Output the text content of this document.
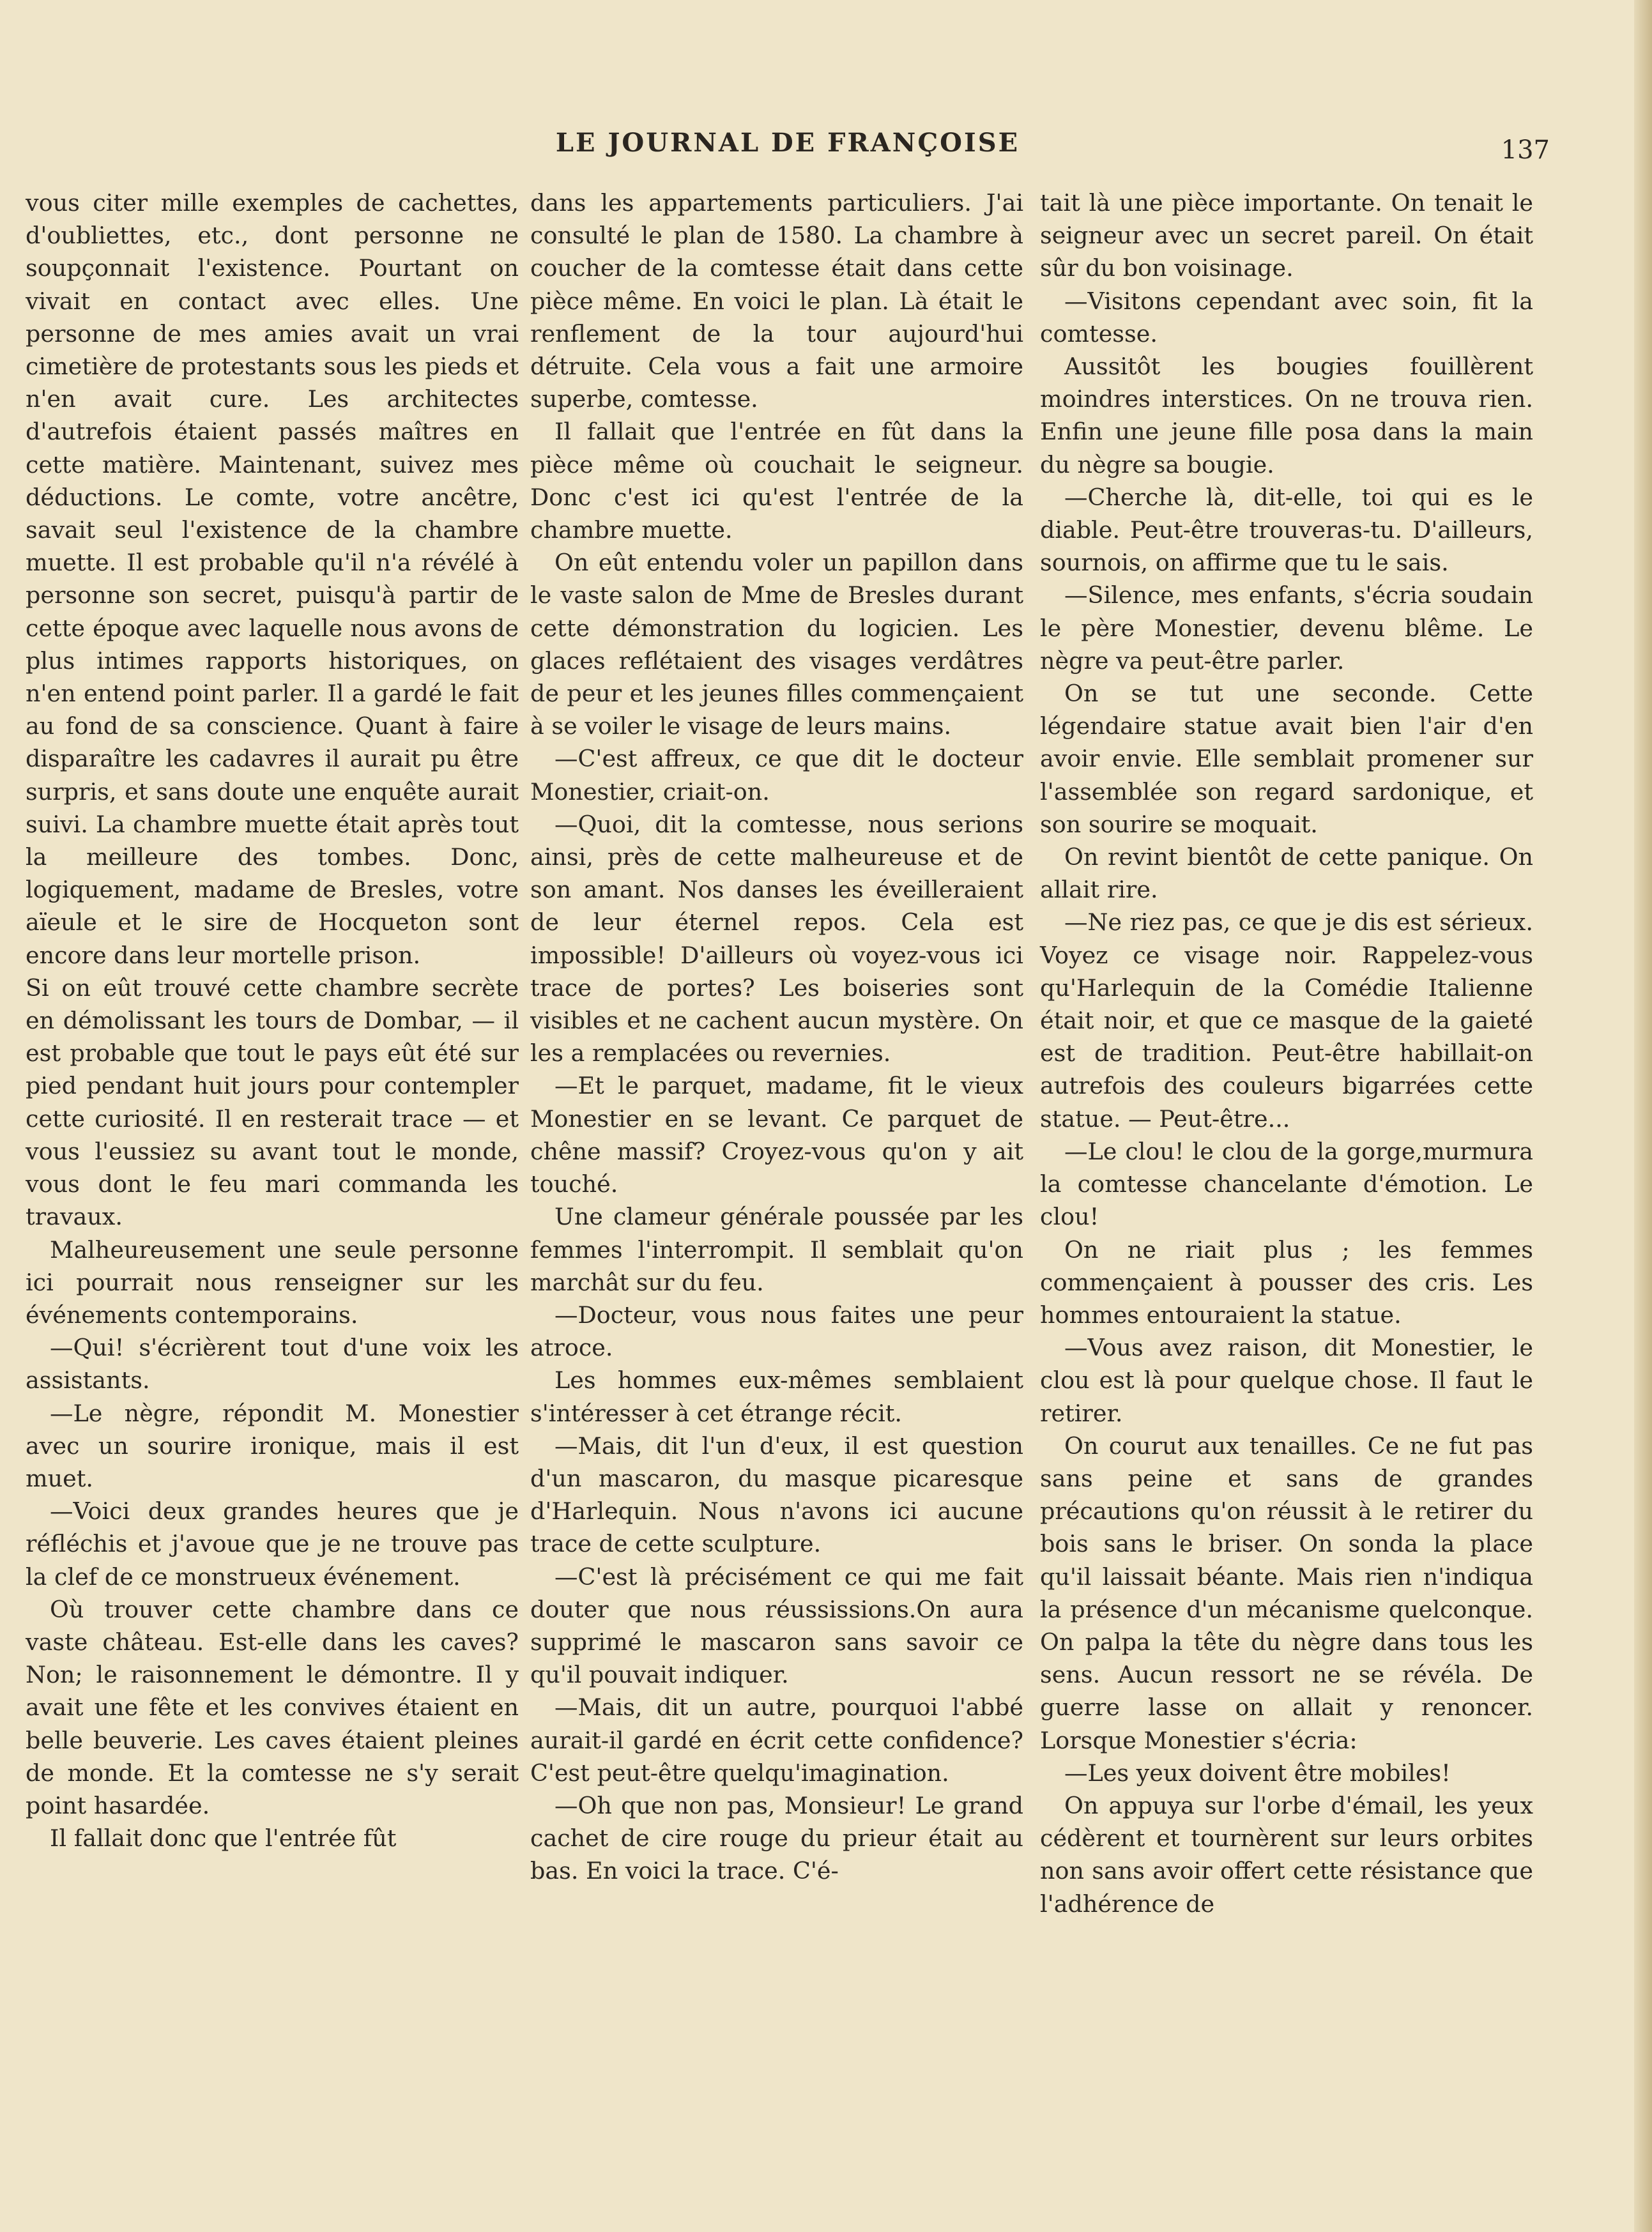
LE JOURNAL DE FRANÇOISE	137

vous citer mille exemples de cachettes, d'oubliettes, etc., dont personne ne soupçonnait l'existence. Pourtant on vivait en contact avec elles. Une personne de mes amies avait un vrai cimetière de protestants sous les pieds et n'en avait cure. Les architectes d'autrefois étaient passés maîtres en cette matière. Maintenant, suivez mes déductions. Le comte, votre ancêtre, savait seul l'existence de la chambre muette. Il est probable qu'il n'a révélé à personne son secret, puisqu'à partir de cette époque avec laquelle nous avons de plus intimes rapports historiques, on n'en entend point parler. Il a gardé le fait au fond de sa conscience. Quant à faire disparaître les cadavres il aurait pu être surpris, et sans doute une enquête aurait suivi. La chambre muette était après tout la meilleure des tombes. Donc, logiquement, madame de Bresles, votre aïeule et le sire de Hocqueton sont encore dans leur mortelle prison.

Si on eût trouvé cette chambre secrète en démolissant les tours de Dombar, — il est probable que tout le pays eût été sur pied pendant huit jours pour contempler cette curiosité. Il en resterait trace — et vous l'eussiez su avant tout le monde, vous dont le feu mari commanda les travaux.

Malheureusement une seule personne ici pourrait nous renseigner sur les événements contemporains.

—Qui! s'écrièrent tout d'une voix les assistants.

—Le nègre, répondit M. Monestier avec un sourire ironique, mais il est muet.

—Voici deux grandes heures que je réfléchis et j'avoue que je ne trouve pas la clef de ce monstrueux événement.

Où trouver cette chambre dans ce vaste château. Est-elle dans les caves? Non; le raisonnement le démontre. Il y avait une fête et les convives étaient en belle beuverie. Les caves étaient pleines de monde. Et la comtesse ne s'y serait point hasardée.

Il fallait donc que l'entrée fût

dans les appartements particuliers. J'ai consulté le plan de 1580. La chambre à coucher de la comtesse était dans cette pièce même. En voici le plan. Là était le renflement de la tour aujourd'hui détruite. Cela vous a fait une armoire superbe, comtesse.

Il fallait que l'entrée en fût dans la pièce même où couchait le seigneur. Donc c'est ici qu'est l'entrée de la chambre muette.

On eût entendu voler un papillon dans le vaste salon de Mme de Bresles durant cette démonstration du logicien. Les glaces reflétaient des visages verdâtres de peur et les jeunes filles commençaient à se voiler le visage de leurs mains.

—C'est affreux, ce que dit le docteur Monestier, criait-on.

—Quoi, dit la comtesse, nous serions ainsi, près de cette malheureuse et de son amant. Nos danses les éveilleraient de leur éternel repos. Cela est impossible! D'ailleurs où voyez-vous ici trace de portes? Les boiseries sont visibles et ne cachent aucun mystère. On les a remplacées ou revernies.

—Et le parquet, madame, fit le vieux Monestier en se levant. Ce parquet de chêne massif? Croyez-vous qu'on y ait touché.

Une clameur générale poussée par les femmes l'interrompit. Il semblait qu'on marchât sur du feu.

—Docteur, vous nous faites une peur atroce.

Les hommes eux-mêmes semblaient s'intéresser à cet étrange récit.

—Mais, dit l'un d'eux, il est question d'un mascaron, du masque picaresque d'Harlequin. Nous n'avons ici aucune trace de cette sculpture.

—C'est là précisément ce qui me fait douter que nous réussissions.On aura supprimé le mascaron sans savoir ce qu'il pouvait indiquer.

—Mais, dit un autre, pourquoi l'abbé aurait-il gardé en écrit cette confidence? C'est peut-être quelqu'imagination.

—Oh que non pas, Monsieur! Le grand cachet de cire rouge du prieur était au bas. En voici la trace. C'é-

tait là une pièce importante. On tenait le seigneur avec un secret pareil. On était sûr du bon voisinage.

—Visitons cependant avec soin, fit la comtesse.

Aussitôt les bougies fouillèrent moindres interstices. On ne trouva rien. Enfin une jeune fille posa dans la main du nègre sa bougie.

—Cherche là, dit-elle, toi qui es le diable. Peut-être trouveras-tu. D'ailleurs, sournois, on affirme que tu le sais.

—Silence, mes enfants, s'écria soudain le père Monestier, devenu blême. Le nègre va peut-être parler.

On se tut une seconde. Cette légendaire statue avait bien l'air d'en avoir envie. Elle semblait promener sur l'assemblée son regard sardonique, et son sourire se moquait.

On revint bientôt de cette panique. On allait rire.

—Ne riez pas, ce que je dis est sérieux. Voyez ce visage noir. Rappelez-vous qu'Harlequin de la Comédie Italienne était noir, et que ce masque de la gaieté est de tradition. Peut-être habillait-on autrefois des couleurs bigarrées cette statue. — Peut-être...

—Le clou! le clou de la gorge,murmura la comtesse chancelante d'émotion. Le clou!

On ne riait plus ; les femmes commençaient à pousser des cris. Les hommes entouraient la statue.

—Vous avez raison, dit Monestier, le clou est là pour quelque chose. Il faut le retirer.

On courut aux tenailles. Ce ne fut pas sans peine et sans de grandes précautions qu'on réussit à le retirer du bois sans le briser. On sonda la place qu'il laissait béante. Mais rien n'indiqua la présence d'un mécanisme quelconque. On palpa la tête du nègre dans tous les sens. Aucun ressort ne se révéla. De guerre lasse on allait y renoncer. Lorsque Monestier s'écria:

—Les yeux doivent être mobiles!

On appuya sur l'orbe d'émail, les yeux cédèrent et tournèrent sur leurs orbites non sans avoir offert cette résistance que l'adhérence de
